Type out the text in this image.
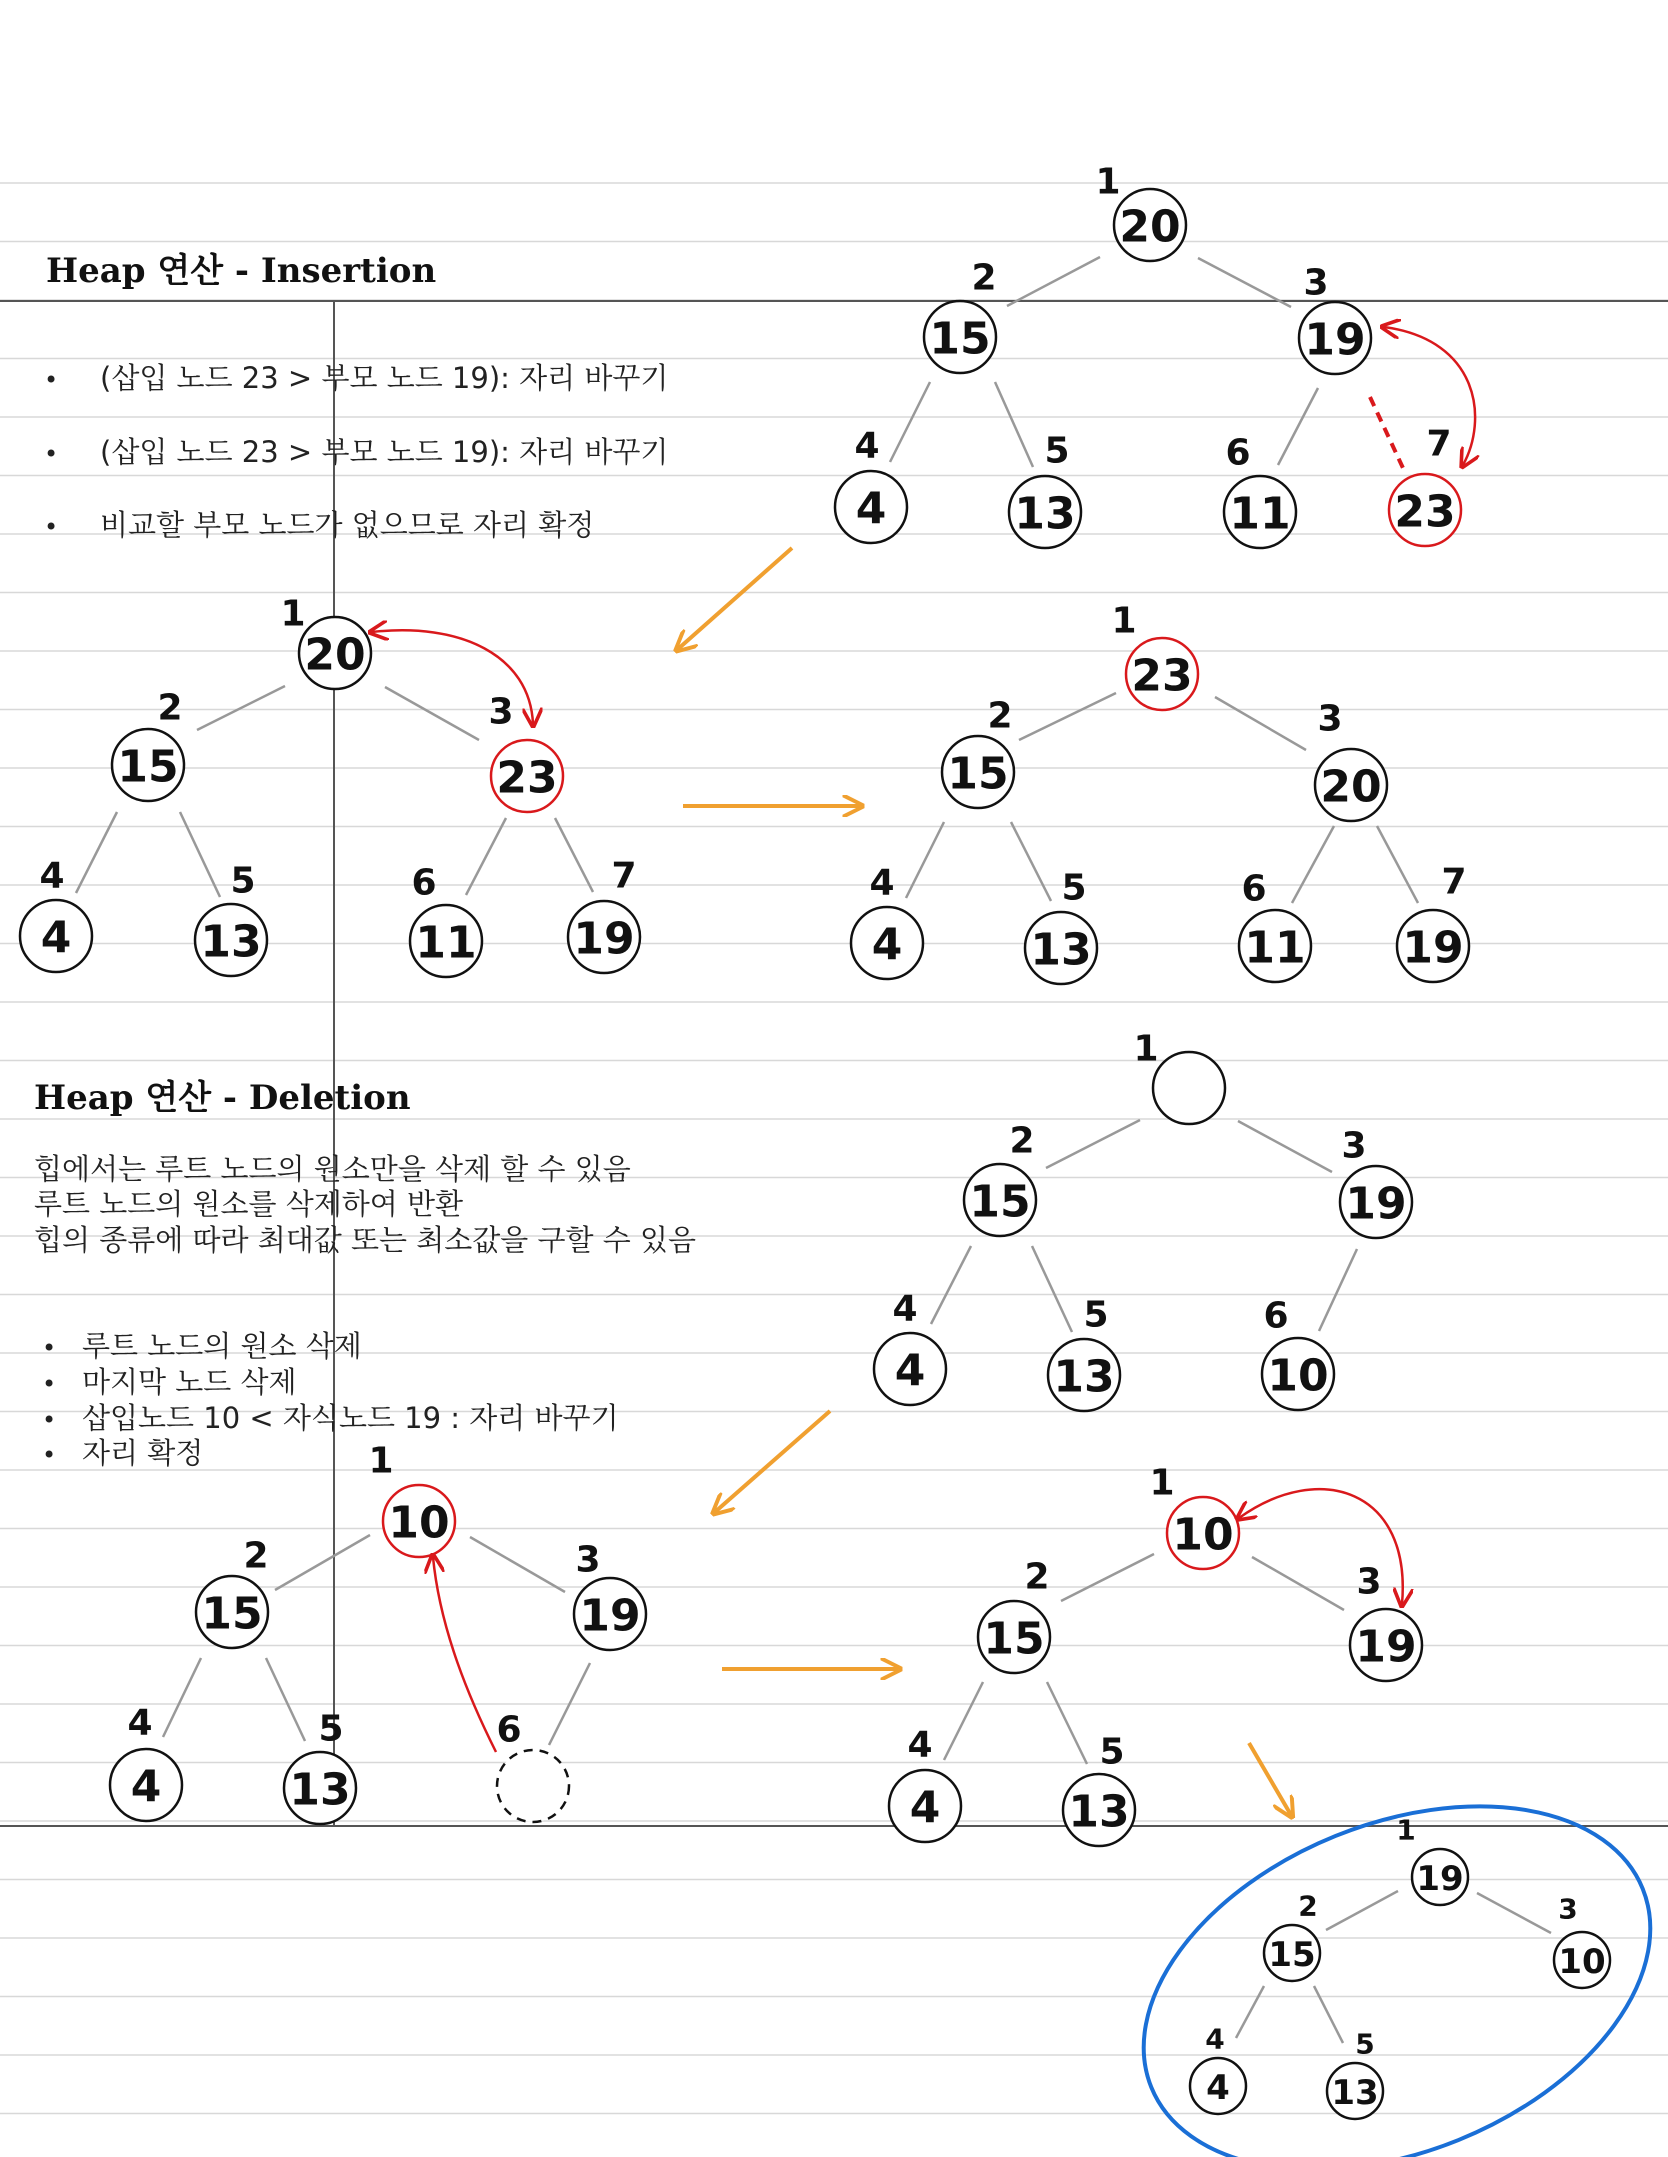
Heap 연산 - Insertion
(삽입 노드 23 > 부모 노드 19): 자리 바꾸기
(삽입 노드 23 > 부모 노드 19): 자리 바꾸기
비교할 부모 노드가 없으므로 자리 확정
•
•
•
Heap 연산 - Deletion
힙에서는 루트 노드의 원소만을 삭제 할 수 있음
루트 노드의 원소를 삭제하여 반환
힙의 종류에 따라 최대값 또는 최소값을 구할 수 있음
루트 노드의 원소 삭제
마지막 노드 삭제
삽입노드 10 < 자식노드 19 : 자리 바꾸기
자리 확정
•
•
•
•
20
1
15
2
19
3
4
4
13
5
11
6
23
7
20
1
15
2
23
3
4
4
13
5
11
6
19
7
23
1
15
2
20
3
4
4
13
5
11
6
19
7
1
15
2
19
3
4
4
13
5
10
6
10
1
15
2
19
3
4
4
13
5	6
10
1
15
2
19
3
4
4
13
5
19
1
15
2
10
3
4
4
13
5
